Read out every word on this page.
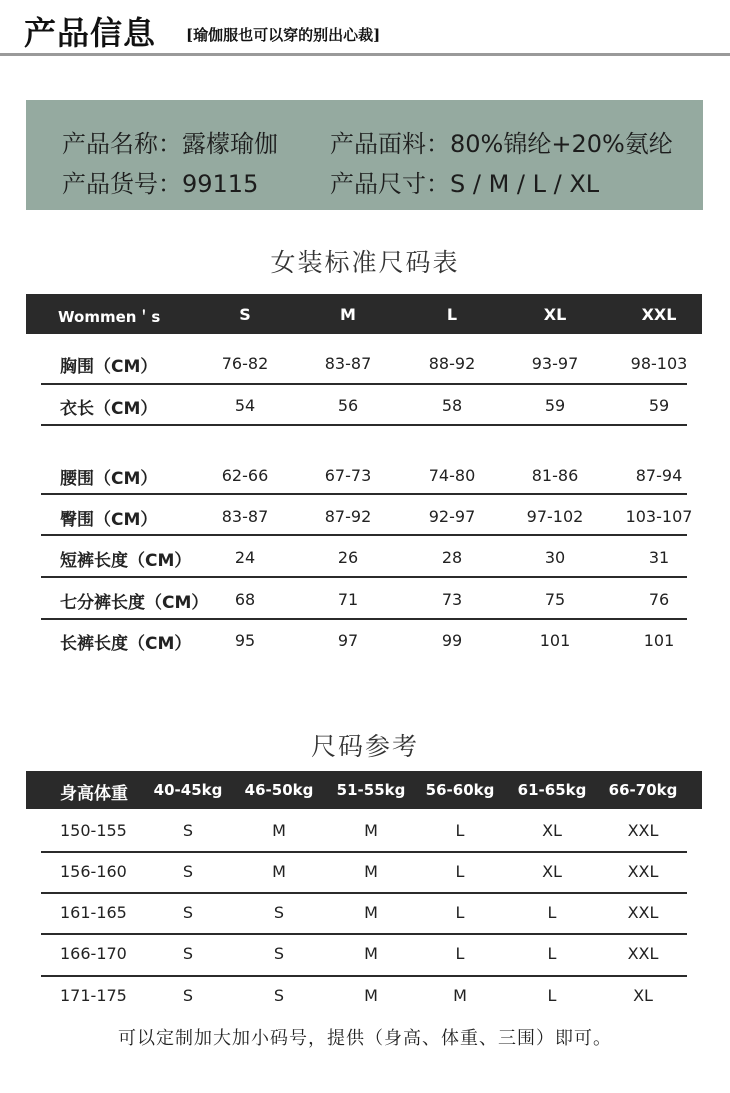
产品信息 [瑜伽服也可以穿的别出心裁]
产品名称：露檬瑜伽 产品面料：80%锦纶+20%氨纶
产品货号：99115	产品尺寸：S / M / L / XL
女装标准尺码表
Wommen＇s	S	M	L	XL	XXL
胸围（CM）	76-82	83-87	88-92	93-97	98-103
衣长（CM）	54	56	58	59	59
腰围（CM）	62-66	67-73	74-80	81-86	87-94
臀围（CM）	83-87	87-92	92-97	97-102	103-107
短裤长度（CM）	24	26	28	30	31
七分裤长度（CM） 68	71	73	75	76
长裤长度（CM）	95	97	99	101	101
尺码参考
身高体重 40-45kg 46-50kg 51-55kg 56-60kg 61-65kg 66-70kg
150-155	S	M	M	L	XL	XXL
156-160	S	M	M	L	XL	XXL
161-165	S	S	M	L	L	XXL
166-170	S	S	M	L	L	XXL
171-175	S	S	M	M	L	XL
可以定制加大加小码号，提供（身高、体重、三围）即可。
